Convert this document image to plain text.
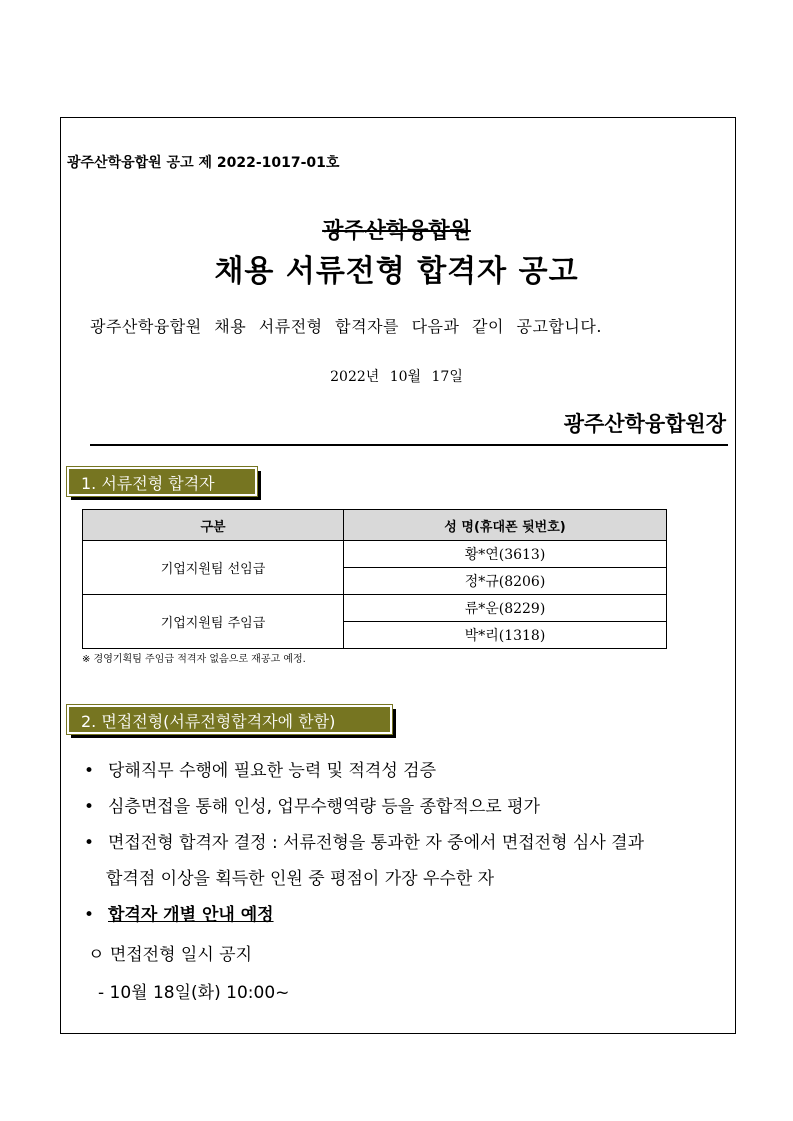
광주산학융합원 공고 제 2022-1017-01호
광주산학융합원
채용 서류전형 합격자 공고
광주산학융합원 채용 서류전형 합격자를 다음과 같이 공고합니다.
2022년 10월 17일
광주산학융합원장
1. 서류전형 합격자
구분	성 명(휴대폰 뒷번호)
기업지원팀 선임급	황*연(3613)
	정*규(8206)
기업지원팀 주임급	류*운(8229)
	박*리(1318)
※ 경영기획팀 주임급 적격자 없음으로 재공고 예정.
2. 면접전형(서류전형합격자에 한함)
• 당해직무 수행에 필요한 능력 및 적격성 검증
• 심층면접을 통해 인성, 업무수행역량 등을 종합적으로 평가
• 면접전형 합격자 결정 : 서류전형을 통과한 자 중에서 면접전형 심사 결과
합격점 이상을 획득한 인원 중 평점이 가장 우수한 자
• 합격자 개별 안내 예정
ㅇ 면접전형 일시 공지
- 10월 18일(화) 10:00~
